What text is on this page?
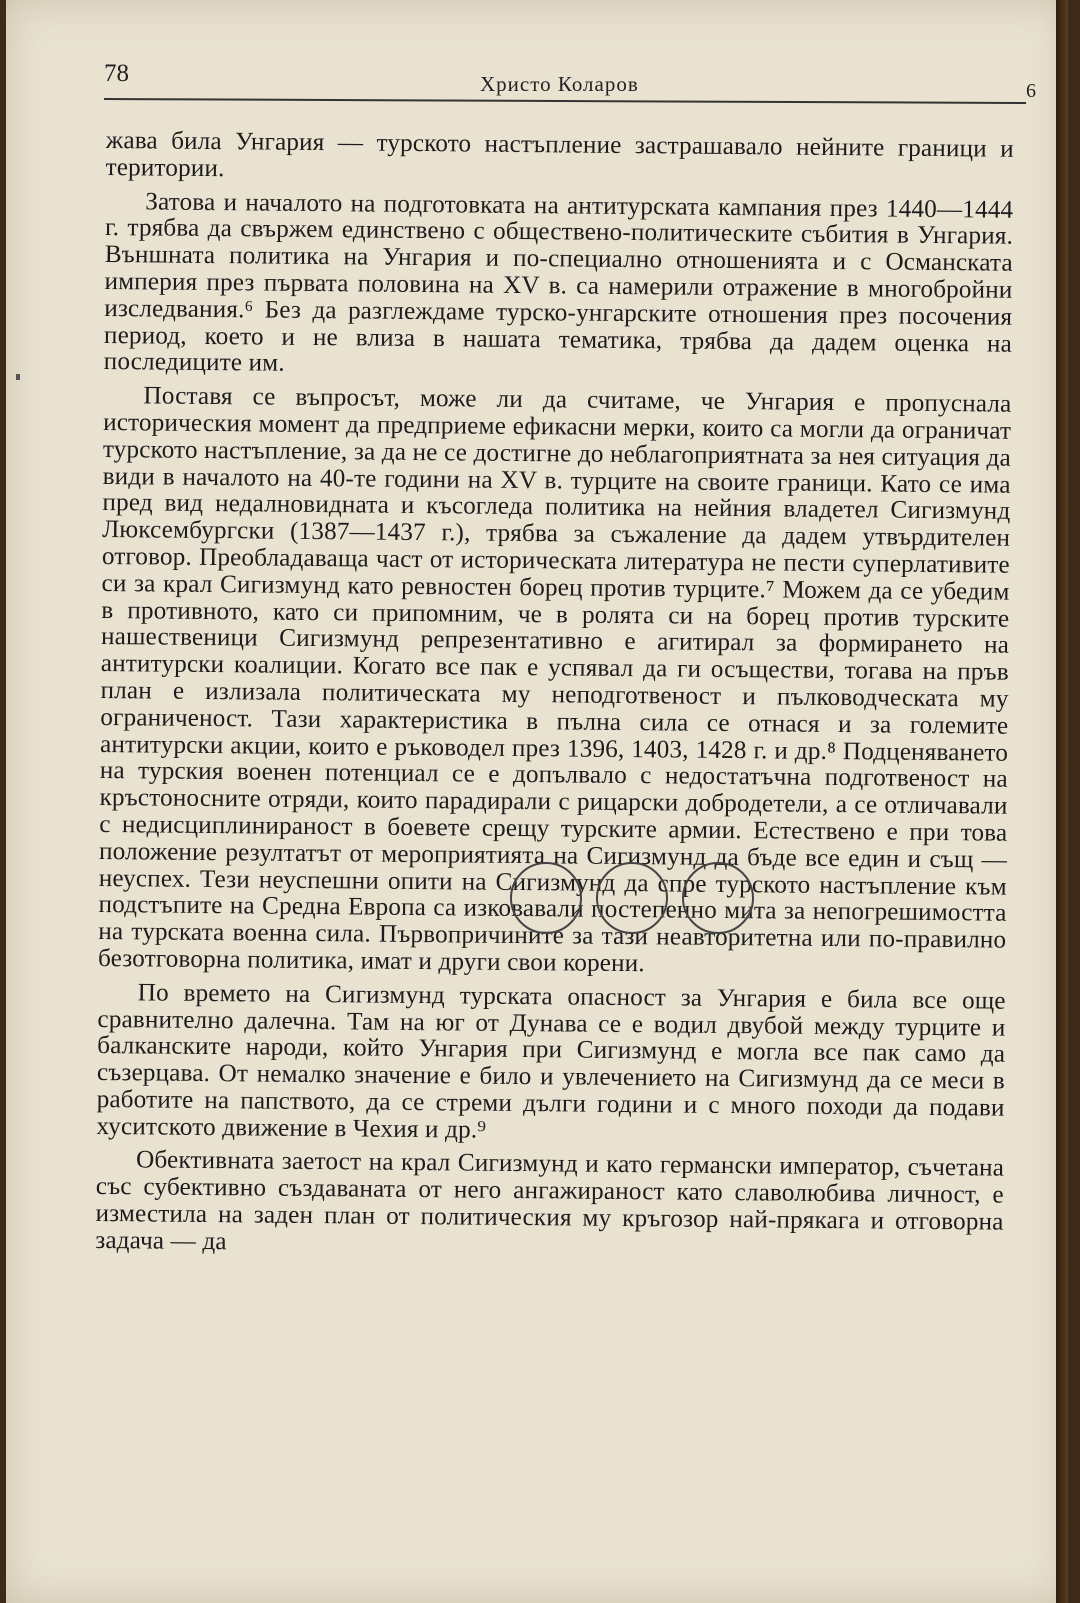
78	Христо Коларов	6

жава била Унгария — турското настъпление застрашавало нейните граници и територии.

Затова и началото на подготовката на антитурската кампания през 1440—1444 г. трябва да свържем единствено с обществено-политическите събития в Унгария. Външната политика на Унгария и по-специално отношенията и с Османската империя през първата половина на XV в. са намерили отражение в многобройни изследвания.⁶ Без да разглеждаме турско-унгарските отношения през посочения период, което и не влиза в нашата тематика, трябва да дадем оценка на последиците им.

Поставя се въпросът, може ли да считаме, че Унгария е пропуснала историческия момент да предприеме ефикасни мерки, които са могли да ограничат турското настъпление, за да не се достигне до неблагоприятната за нея ситуация да види в началото на 40-те години на XV в. турците на своите граници. Като се има пред вид недалновидната и късогледа политика на нейния владетел Сигизмунд Люксембургски (1387—1437 г.), трябва за съжаление да дадем утвърдителен отговор. Преобладаваща част от историческата литература не пести суперлативите си за крал Сигизмунд като ревностен борец против турците.⁷ Можем да се убедим в противното, като си припомним, че в ролята си на борец против турските нашественици Сигизмунд репрезентативно е агитирал за формирането на антитурски коалиции. Когато все пак е успявал да ги осъществи, тогава на пръв план е излизала политическата му неподготвеност и пълководческата му ограниченост. Тази характеристика в пълна сила се отнася и за големите антитурски акции, които е ръководел през 1396, 1403, 1428 г. и др.⁸ Подценяването на турския военен потенциал се е допълвало с недостатъчна подготвеност на кръстоносните отряди, които парадирали с рицарски добродетели, а се отличавали с недисциплинираност в боевете срещу турските армии. Естествено е при това положение резултатът от мероприятията на Сигизмунд да бъде все един и същ —неуспех. Тези неуспешни опити на Сигизмунд да спре турското настъпление към подстъпите на Средна Европа са изковавали постепенно мита за непогрешимостта на турската военна сила. Първопричините за тази неавторитетна или по-правилно безотговорна политика, имат и други свои корени.

По времето на Сигизмунд турската опасност за Унгария е била все още сравнително далечна. Там на юг от Дунава се е водил двубой между турците и балканските народи, който Унгария при Сигизмунд е могла все пак само да съзерцава. От немалко значение е било и увлечението на Сигизмунд да се меси в работите на папството, да се стреми дълги години и с много походи да подави хуситското движение в Чехия и др.⁹

Обективната заетост на крал Сигизмунд и като германски император, съчетана със субективно създаваната от него ангажираност като славолюбива личност, е изместила на заден план от политическия му кръгозор най-прякага и отговорна задача — да
